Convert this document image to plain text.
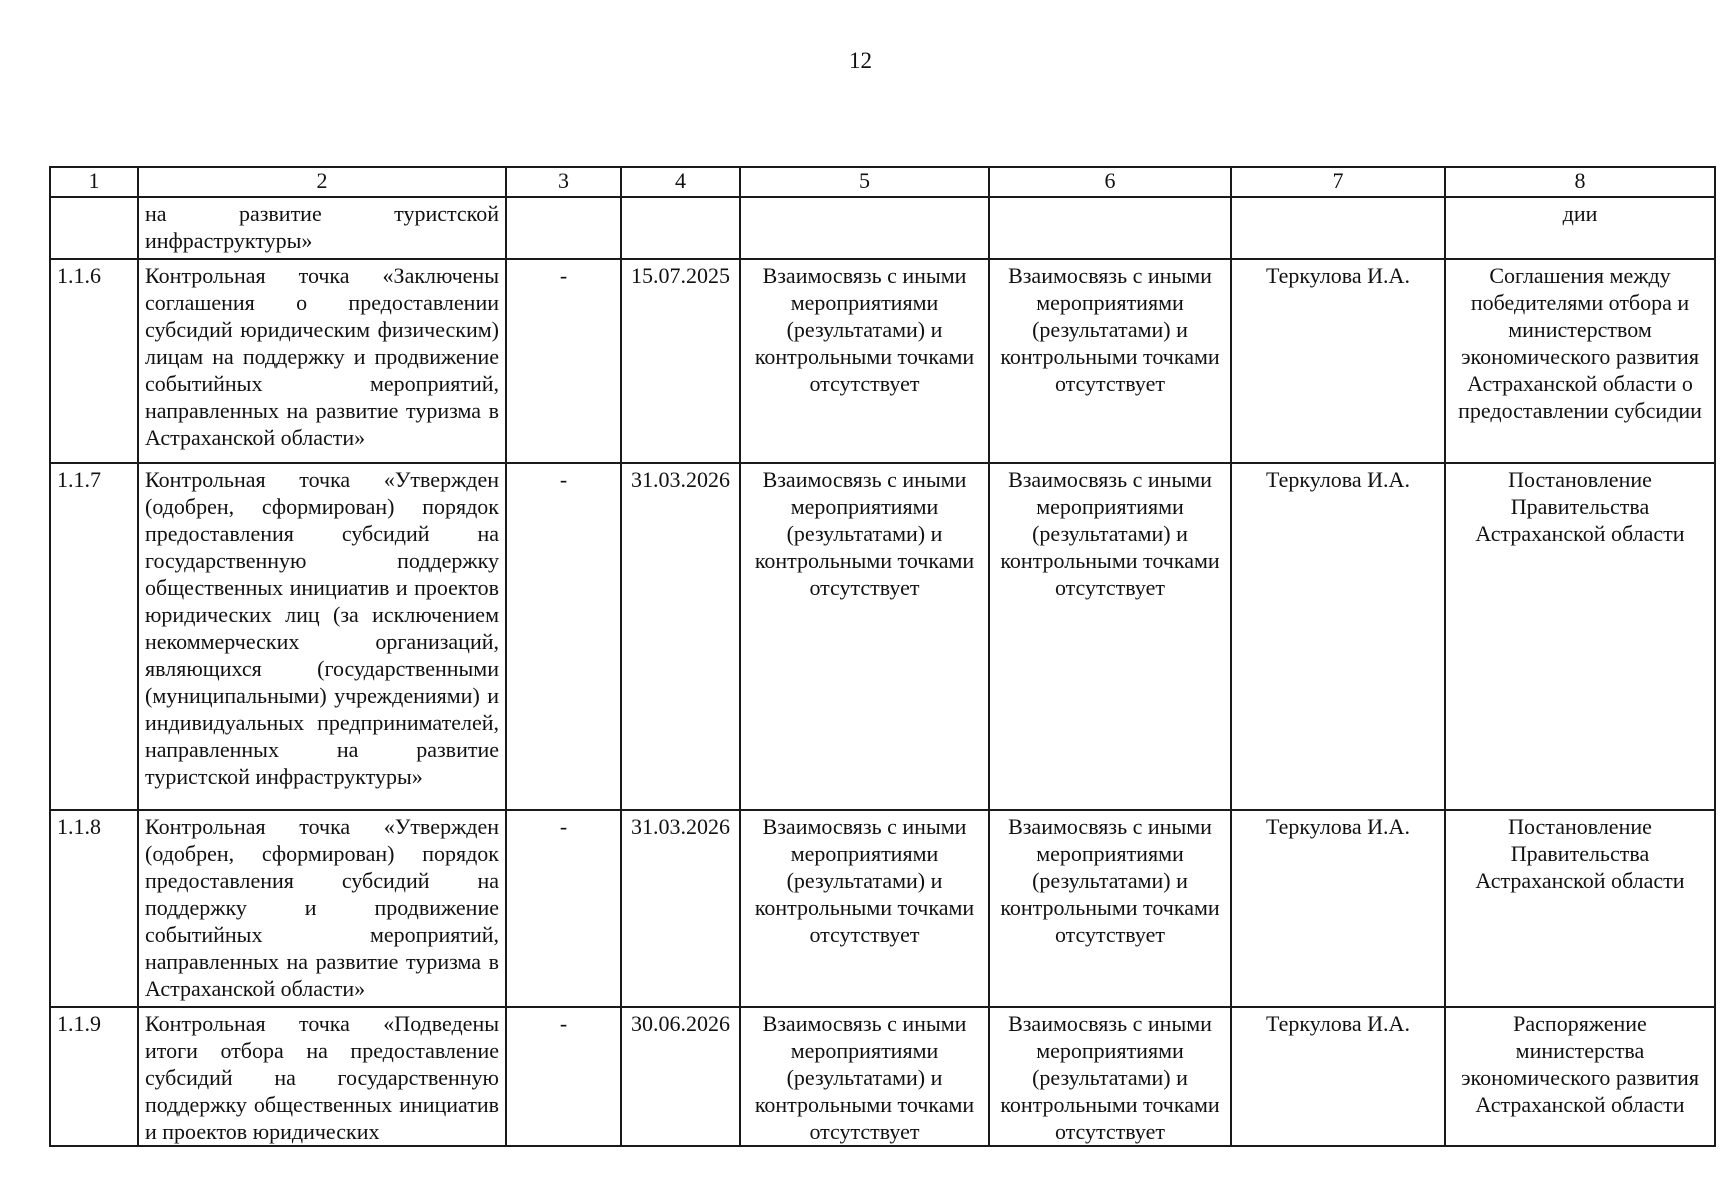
12
1	2	3	4	5	6	7	8
	на развитие туристской инфраструктуры»						дии
1.1.6	Контрольная точка «Заключены соглашения о предоставлении субсидий юридическим физическим) лицам на поддержку и продвижение событийных мероприятий, направленных на развитие туризма в Астраханской области»	-	15.07.2025	Взаимосвязь с иными мероприятиями (результатами) и контрольными точками отсутствует	Взаимосвязь с иными мероприятиями (результатами) и контрольными точками отсутствует	Теркулова И.А.	Соглашения между победителями отбора и министерством экономического развития Астраханской области о предоставлении субсидии
1.1.7	Контрольная точка «Утвержден (одобрен, сформирован) порядок предоставления субсидий на государственную поддержку общественных инициатив и проектов юридических лиц (за исключением некоммерческих организаций, являющихся (государственными (муниципальными) учреждениями) и индивидуальных предпринимателей, направленных на развитие туристской инфраструктуры»	-	31.03.2026	Взаимосвязь с иными мероприятиями (результатами) и контрольными точками отсутствует	Взаимосвязь с иными мероприятиями (результатами) и контрольными точками отсутствует	Теркулова И.А.	Постановление Правительства Астраханской области
1.1.8	Контрольная точка «Утвержден (одобрен, сформирован) порядок предоставления субсидий на поддержку и продвижение событийных мероприятий, направленных на развитие туризма в Астраханской области»	-	31.03.2026	Взаимосвязь с иными мероприятиями (результатами) и контрольными точками отсутствует	Взаимосвязь с иными мероприятиями (результатами) и контрольными точками отсутствует	Теркулова И.А.	Постановление Правительства Астраханской области
1.1.9	Контрольная точка «Подведены итоги отбора на предоставление субсидий на государственную поддержку общественных инициатив и проектов юридических	-	30.06.2026	Взаимосвязь с иными мероприятиями (результатами) и контрольными точками отсутствует	Взаимосвязь с иными мероприятиями (результатами) и контрольными точками отсутствует	Теркулова И.А.	Распоряжение министерства экономического развития Астраханской области
